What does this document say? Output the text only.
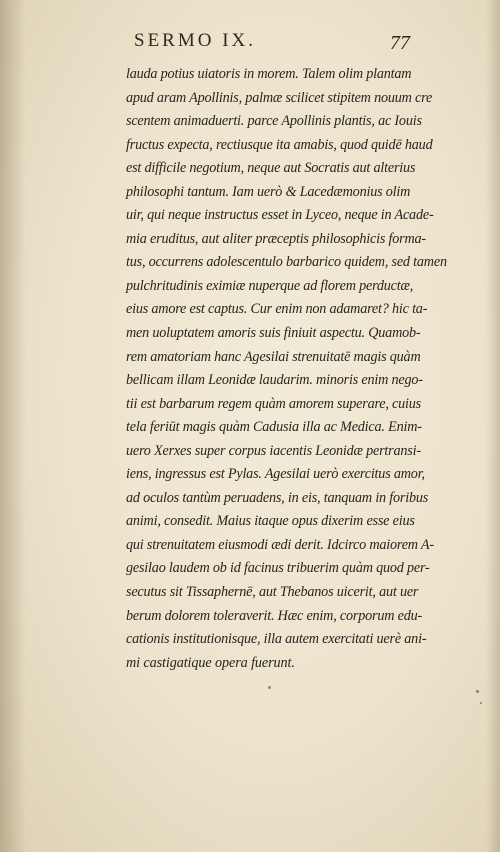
SERMO IX.	77
lauda potius uiatoris in morem. Talem olim plantam
apud aram Apollinis, palmæ scilicet stipitem nouum cre
scentem animaduerti. parce Apollinis plantis, ac Iouis
fructus expecta, rectiusque ita amabis, quod quidē haud
est difficile negotium, neque aut Socratis aut alterius
philosophi tantum. Iam uerò & Lacedæmonius olim
uir, qui neque instructus esset in Lyceo, neque in Acade-
mia eruditus, aut aliter præceptis philosophicis forma-
tus, occurrens adolescentulo barbarico quidem, sed tamen
pulchritudinis eximiæ nuperque ad florem perductæ,
eius amore est captus. Cur enim non adamaret? hic ta-
men uoluptatem amoris suis finiuit aspectu. Quamob-
rem amatoriam hanc Agesilai strenuitatē magis quàm
bellicam illam Leonidæ laudarim. minoris enim nego-
tii est barbarum regem quàm amorem superare, cuius
tela feriūt magis quàm Cadusia illa ac Medica. Enim-
uero Xerxes super corpus iacentis Leonidæ pertransi-
iens, ingressus est Pylas. Agesilai uerò exercitus amor,
ad oculos tantùm peruadens, in eis, tanquam in foribus
animi, consedit. Maius itaque opus dixerim esse eius
qui strenuitatem eiusmodi ædi derit. Idcirco maiorem A-
gesilao laudem ob id facinus tribuerim quàm quod per-
secutus sit Tissaphernē, aut Thebanos uicerit, aut uer
berum dolorem toleraverit. Hæc enim, corporum edu-
cationis institutionisque, illa autem exercitati uerè ani-
mi castigatique opera fuerunt.
